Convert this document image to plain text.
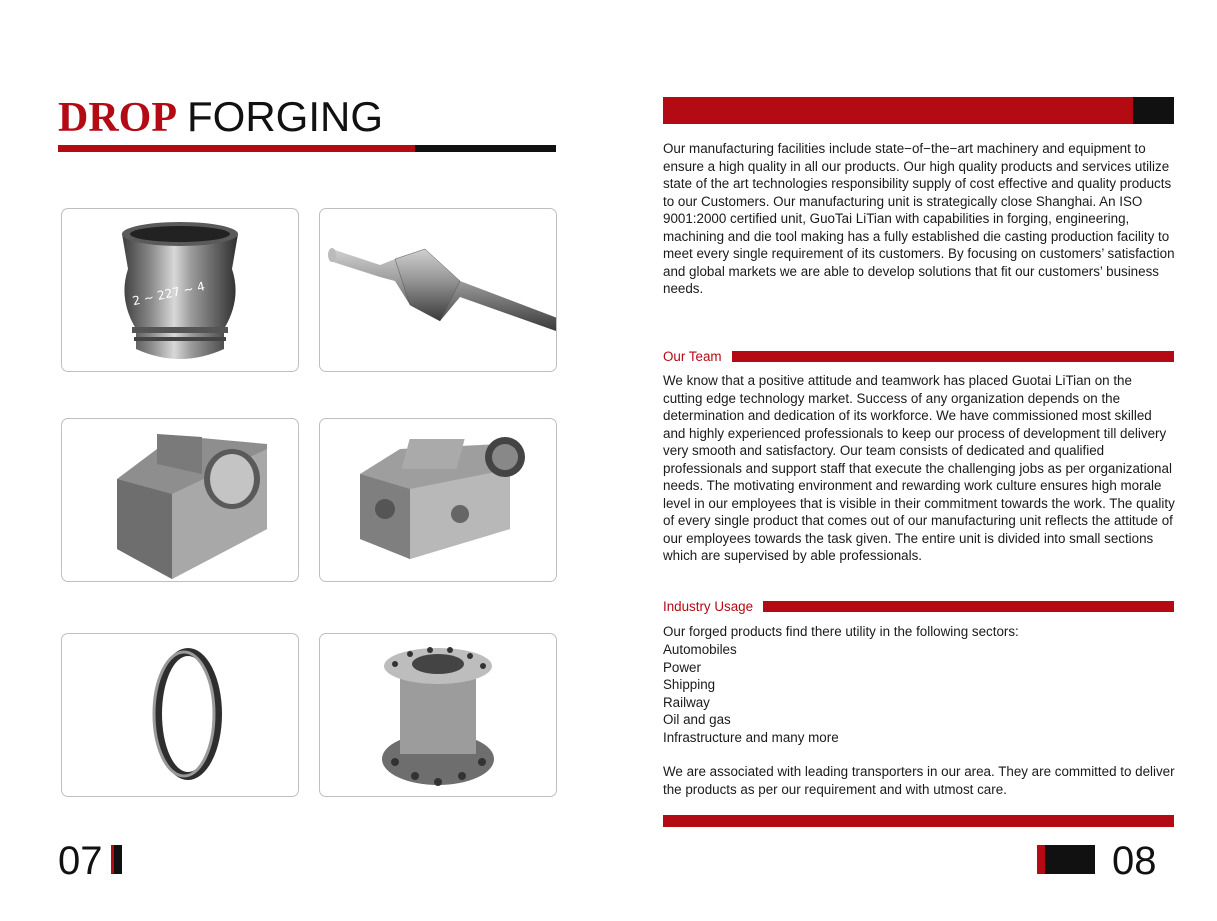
DROP FORGING
2 ~ 227 ~ 4
07	08
Our manufacturing facilities include state−of−the−art machinery and equipment to ensure a high quality in all our products. Our high quality products and services utilize state of the art technologies responsibility supply of cost effective and quality products to our Customers. Our manufacturing unit is strategically close Shanghai. An ISO 9001:2000 certified unit, GuoTai LiTian with capabilities in forging, engineering, machining and die tool making has a fully established die casting production facility to meet every single requirement of its customers. By focusing on customers’ satisfaction and global markets we are able to develop solutions that fit our customers’ business needs.
Our Team
We know that a positive attitude and teamwork has placed Guotai LiTian on the cutting edge technology market. Success of any organization depends on the determination and dedication of its workforce. We have commissioned most skilled and highly experienced professionals to keep our process of development till delivery very smooth and satisfactory. Our team consists of dedicated and qualified professionals and support staff that execute the challenging jobs as per organizational needs. The motivating environment and rewarding work culture ensures high morale level in our employees that is visible in their commitment towards the work. The quality of every single product that comes out of our manufacturing unit reflects the attitude of our employees towards the task given. The entire unit is divided into small sections which are supervised by able professionals.
Industry Usage
Our forged products find there utility in the following sectors:
Automobiles
Power
Shipping
Railway
Oil and gas
Infrastructure and many more
We are associated with leading transporters in our area. They are committed to deliver the products as per our requirement and with utmost care.
